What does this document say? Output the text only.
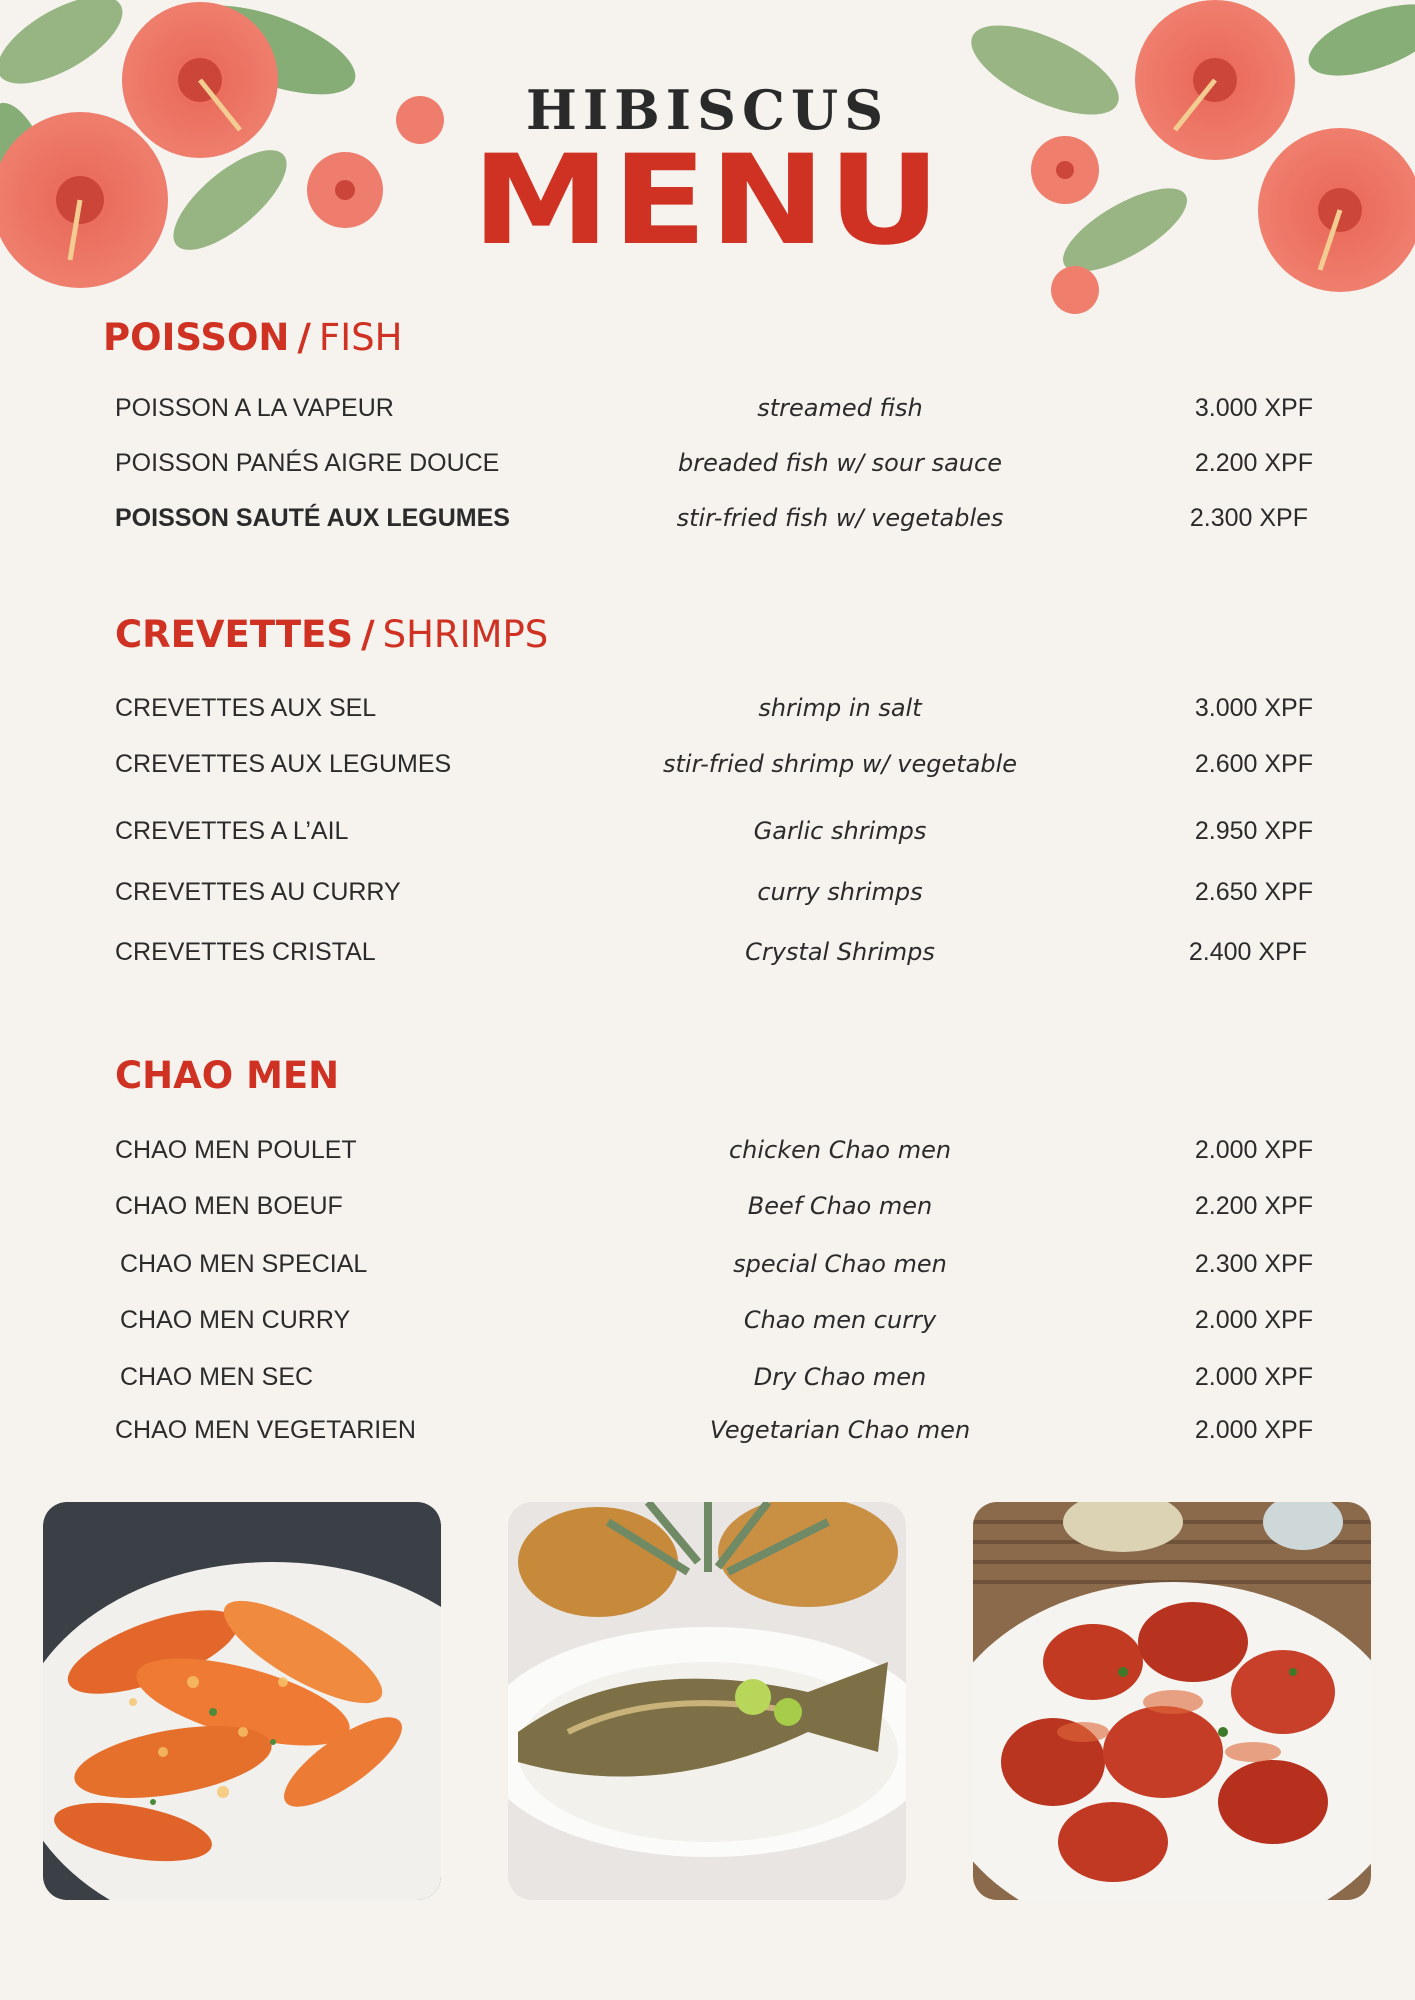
HIBISCUS
MENU
POISSON / FISH
POISSON A LA VAPEUR	streamed fish	3.000 XPF
POISSON PANÉS AIGRE DOUCE	breaded fish w/ sour sauce	2.200 XPF
POISSON SAUTÉ AUX LEGUMES	stir-fried fish w/ vegetables	2.300 XPF
CREVETTES / SHRIMPS
CREVETTES AUX SEL	shrimp in salt	3.000 XPF
CREVETTES AUX LEGUMES	stir-fried shrimp w/ vegetable	2.600 XPF
CREVETTES A L’AIL	Garlic shrimps	2.950 XPF
CREVETTES AU CURRY	curry shrimps	2.650 XPF
CREVETTES CRISTAL	Crystal Shrimps	2.400 XPF
CHAO MEN
CHAO MEN POULET	chicken Chao men	2.000 XPF
CHAO MEN BOEUF	Beef Chao men	2.200 XPF
CHAO MEN SPECIAL	special Chao men	2.300 XPF
CHAO MEN CURRY	Chao men curry	2.000 XPF
CHAO MEN SEC	Dry Chao men	2.000 XPF
CHAO MEN VEGETARIEN	Vegetarian Chao men	2.000 XPF
